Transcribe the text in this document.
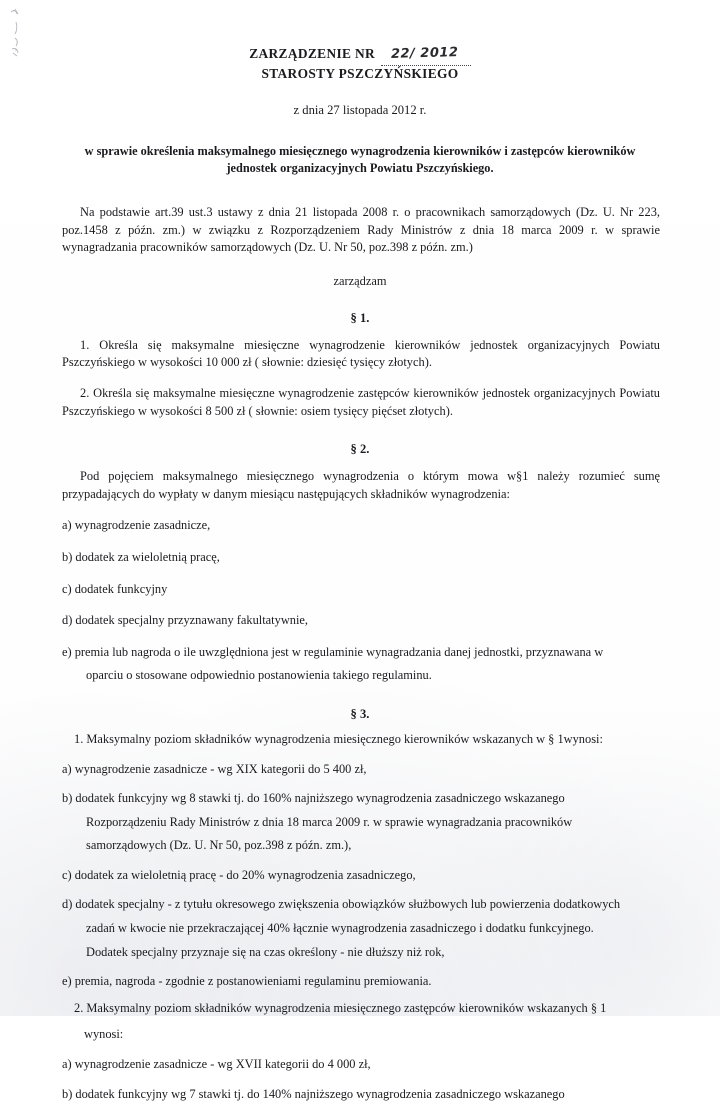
ZARZĄDZENIE NR 22/ 2012
STAROSTY PSZCZYŃSKIEGO
z dnia 27 listopada 2012 r.
w sprawie określenia maksymalnego miesięcznego wynagrodzenia kierowników i zastępców kierowników
jednostek organizacyjnych Powiatu Pszczyńskiego.
Na podstawie art.39 ust.3 ustawy z dnia 21 listopada 2008 r. o pracownikach samorządowych (Dz. U. Nr 223, poz.1458 z późn. zm.) w związku z Rozporządzeniem Rady Ministrów z dnia 18 marca 2009 r. w sprawie wynagradzania pracowników samorządowych (Dz. U. Nr 50, poz.398 z późn. zm.)
zarządzam
§ 1.
1. Określa się maksymalne miesięczne wynagrodzenie kierowników jednostek organizacyjnych Powiatu Pszczyńskiego w wysokości 10 000 zł ( słownie: dziesięć tysięcy złotych).
2. Określa się maksymalne miesięczne wynagrodzenie zastępców kierowników jednostek organizacyjnych Powiatu Pszczyńskiego w wysokości 8 500 zł ( słownie: osiem tysięcy pięćset złotych).
§ 2.
Pod pojęciem maksymalnego miesięcznego wynagrodzenia o którym mowa w§1 należy rozumieć sumę przypadających do wypłaty w danym miesiącu następujących składników wynagrodzenia:
a) wynagrodzenie zasadnicze,
b) dodatek za wieloletnią pracę,
c) dodatek funkcyjny
d) dodatek specjalny przyznawany fakultatywnie,
e) premia lub nagroda o ile uwzględniona jest w regulaminie wynagradzania danej jednostki, przyznawana w
oparciu o stosowane odpowiednio postanowienia takiego regulaminu.
§ 3.
1. Maksymalny poziom składników wynagrodzenia miesięcznego kierowników wskazanych w § 1wynosi:
a) wynagrodzenie zasadnicze - wg XIX kategorii do 5 400 zł,
b) dodatek funkcyjny wg 8 stawki tj. do 160% najniższego wynagrodzenia zasadniczego wskazanego
Rozporządzeniu Rady Ministrów z dnia 18 marca 2009 r. w sprawie wynagradzania pracowników
samorządowych (Dz. U. Nr 50, poz.398 z późn. zm.),
c) dodatek za wieloletnią pracę - do 20% wynagrodzenia zasadniczego,
d) dodatek specjalny - z tytułu okresowego zwiększenia obowiązków służbowych lub powierzenia dodatkowych
zadań w kwocie nie przekraczającej 40% łącznie wynagrodzenia zasadniczego i dodatku funkcyjnego.
Dodatek specjalny przyznaje się na czas określony - nie dłuższy niż rok,
e) premia, nagroda - zgodnie z postanowieniami regulaminu premiowania.
2. Maksymalny poziom składników wynagrodzenia miesięcznego zastępców kierowników wskazanych § 1
wynosi:
a) wynagrodzenie zasadnicze - wg XVII kategorii do 4 000 zł,
b) dodatek funkcyjny wg 7 stawki tj. do 140% najniższego wynagrodzenia zasadniczego wskazanego
